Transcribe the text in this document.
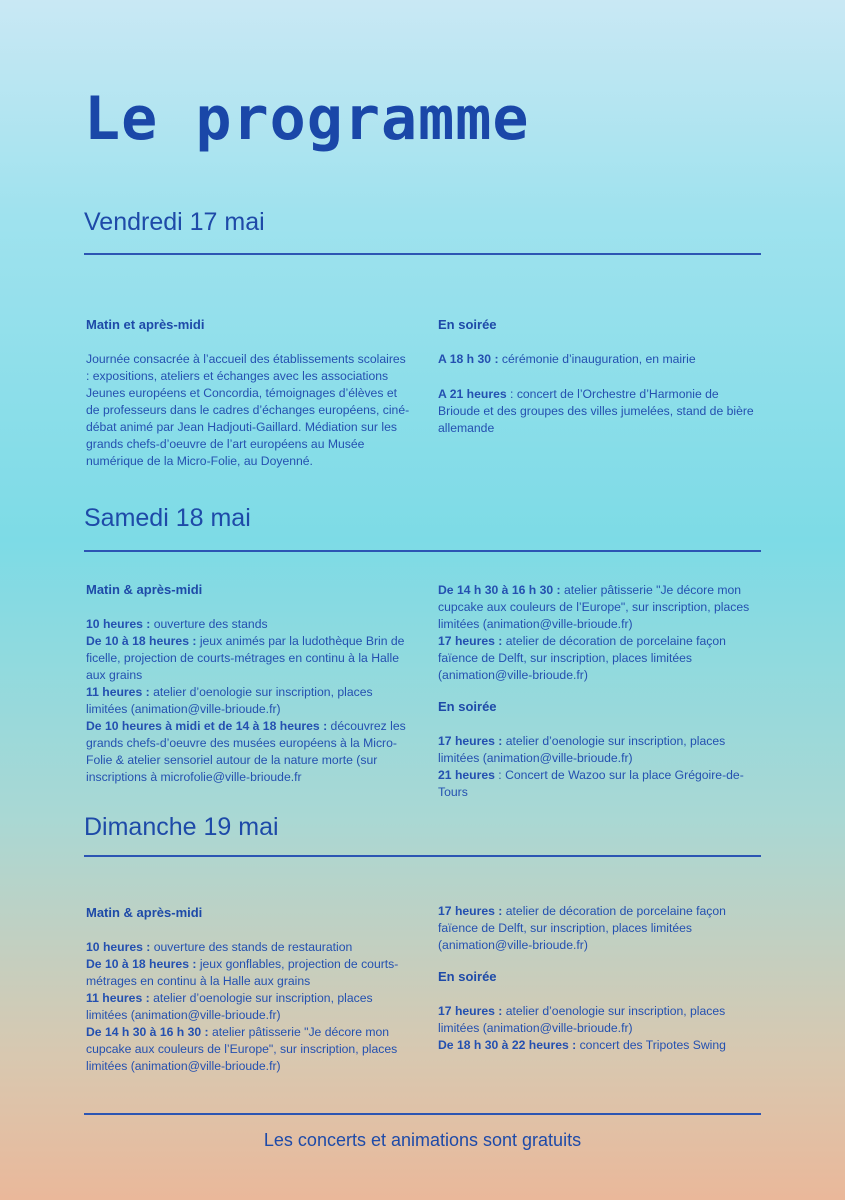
Le programme
Vendredi 17 mai
Matin et après-midi
Journée consacrée à l’accueil des établissements scolaires : expositions, ateliers et échanges avec les associations Jeunes européens et Concordia, témoignages d’élèves et de professeurs dans le cadres d’échanges européens, ciné-débat animé par Jean Hadjouti-Gaillard. Médiation sur les grands chefs-d’oeuvre de l’art européens au Musée numérique de la Micro-Folie, au Doyenné.
En soirée
A 18 h 30 : cérémonie d’inauguration, en mairie
A 21 heures : concert de l’Orchestre d’Harmonie de Brioude et des groupes des villes jumelées, stand de bière allemande
Samedi 18 mai
Matin & après-midi
10 heures : ouverture des stands
De 10 à 18 heures : jeux animés par la ludothèque Brin de ficelle, projection de courts-métrages en continu à la Halle aux grains
11 heures : atelier d’oenologie sur inscription, places limitées (animation@ville-brioude.fr)
De 10 heures à midi et de 14 à 18 heures : découvrez les grands chefs-d’oeuvre des musées européens à la Micro-Folie & atelier sensoriel autour de la nature morte (sur inscriptions à microfolie@ville-brioude.fr
De 14 h 30 à 16 h 30 : atelier pâtisserie "Je décore mon cupcake aux couleurs de l’Europe", sur inscription, places limitées (animation@ville-brioude.fr)
17 heures : atelier de décoration de porcelaine façon faïence de Delft, sur inscription, places limitées (animation@ville-brioude.fr)
En soirée
17 heures : atelier d’oenologie sur inscription, places limitées (animation@ville-brioude.fr)
21 heures : Concert de Wazoo sur la place Grégoire-de-Tours
Dimanche 19 mai
Matin & après-midi
10 heures : ouverture des stands de restauration
De 10 à 18 heures : jeux gonflables, projection de courts-métrages en continu à la Halle aux grains
11 heures : atelier d’oenologie sur inscription, places limitées (animation@ville-brioude.fr)
De 14 h 30 à 16 h 30 : atelier pâtisserie "Je décore mon cupcake aux couleurs de l’Europe", sur inscription, places limitées (animation@ville-brioude.fr)
17 heures : atelier de décoration de porcelaine façon faïence de Delft, sur inscription, places limitées (animation@ville-brioude.fr)
En soirée
17 heures : atelier d’oenologie sur inscription, places limitées (animation@ville-brioude.fr)
De 18 h 30 à 22 heures : concert des Tripotes Swing
Les concerts et animations sont gratuits
